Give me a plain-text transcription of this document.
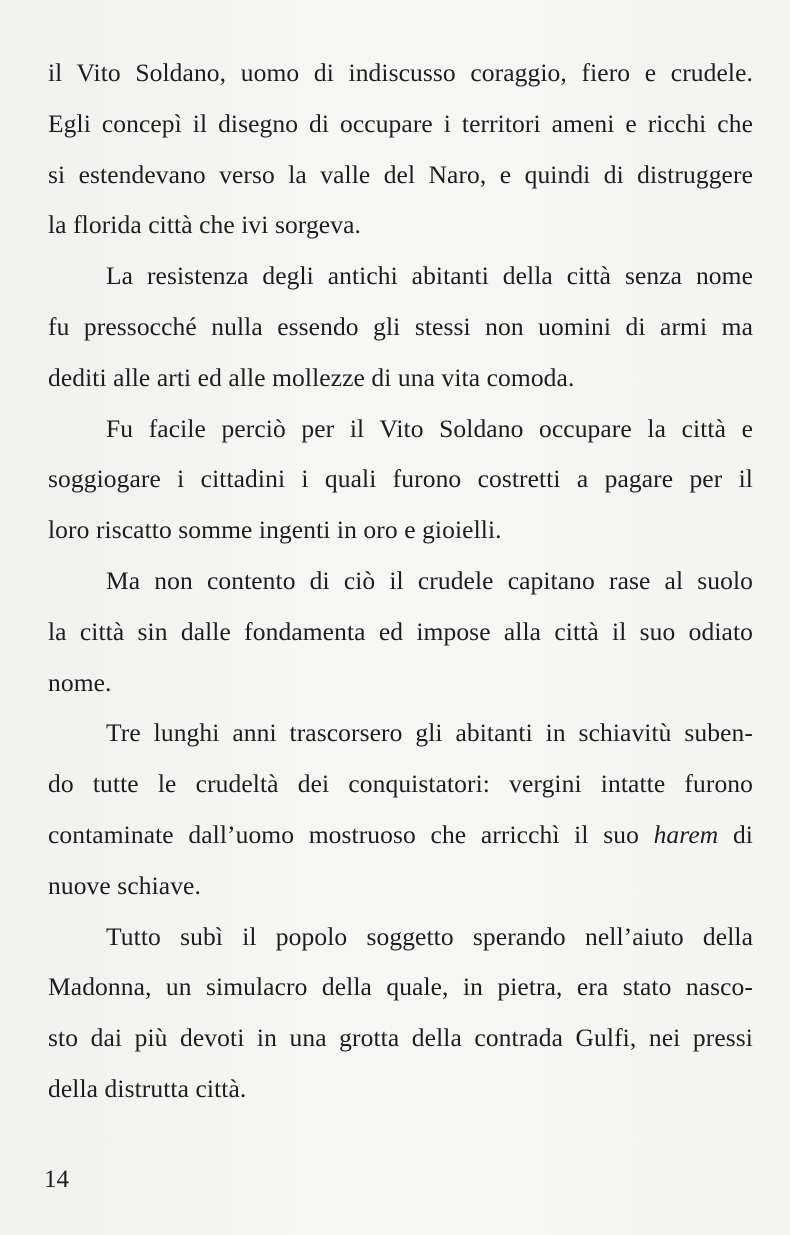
il Vito Soldano, uomo di indiscusso coraggio, fiero e crudele.
Egli concepì il disegno di occupare i territori ameni e ricchi che
si estendevano verso la valle del Naro, e quindi di distruggere
la florida città che ivi sorgeva.

La resistenza degli antichi abitanti della città senza nome
fu pressocché nulla essendo gli stessi non uomini di armi ma
dediti alle arti ed alle mollezze di una vita comoda.

Fu facile perciò per il Vito Soldano occupare la città e
soggiogare i cittadini i quali furono costretti a pagare per il
loro riscatto somme ingenti in oro e gioielli.

Ma non contento di ciò il crudele capitano rase al suolo
la città sin dalle fondamenta ed impose alla città il suo odiato
nome.

Tre lunghi anni trascorsero gli abitanti in schiavitù suben-
do tutte le crudeltà dei conquistatori: vergini intatte furono
contaminate dall’uomo mostruoso che arricchì il suo harem di
nuove schiave.

Tutto subì il popolo soggetto sperando nell’aiuto della
Madonna, un simulacro della quale, in pietra, era stato nasco-
sto dai più devoti in una grotta della contrada Gulfi, nei pressi
della distrutta città.

14
